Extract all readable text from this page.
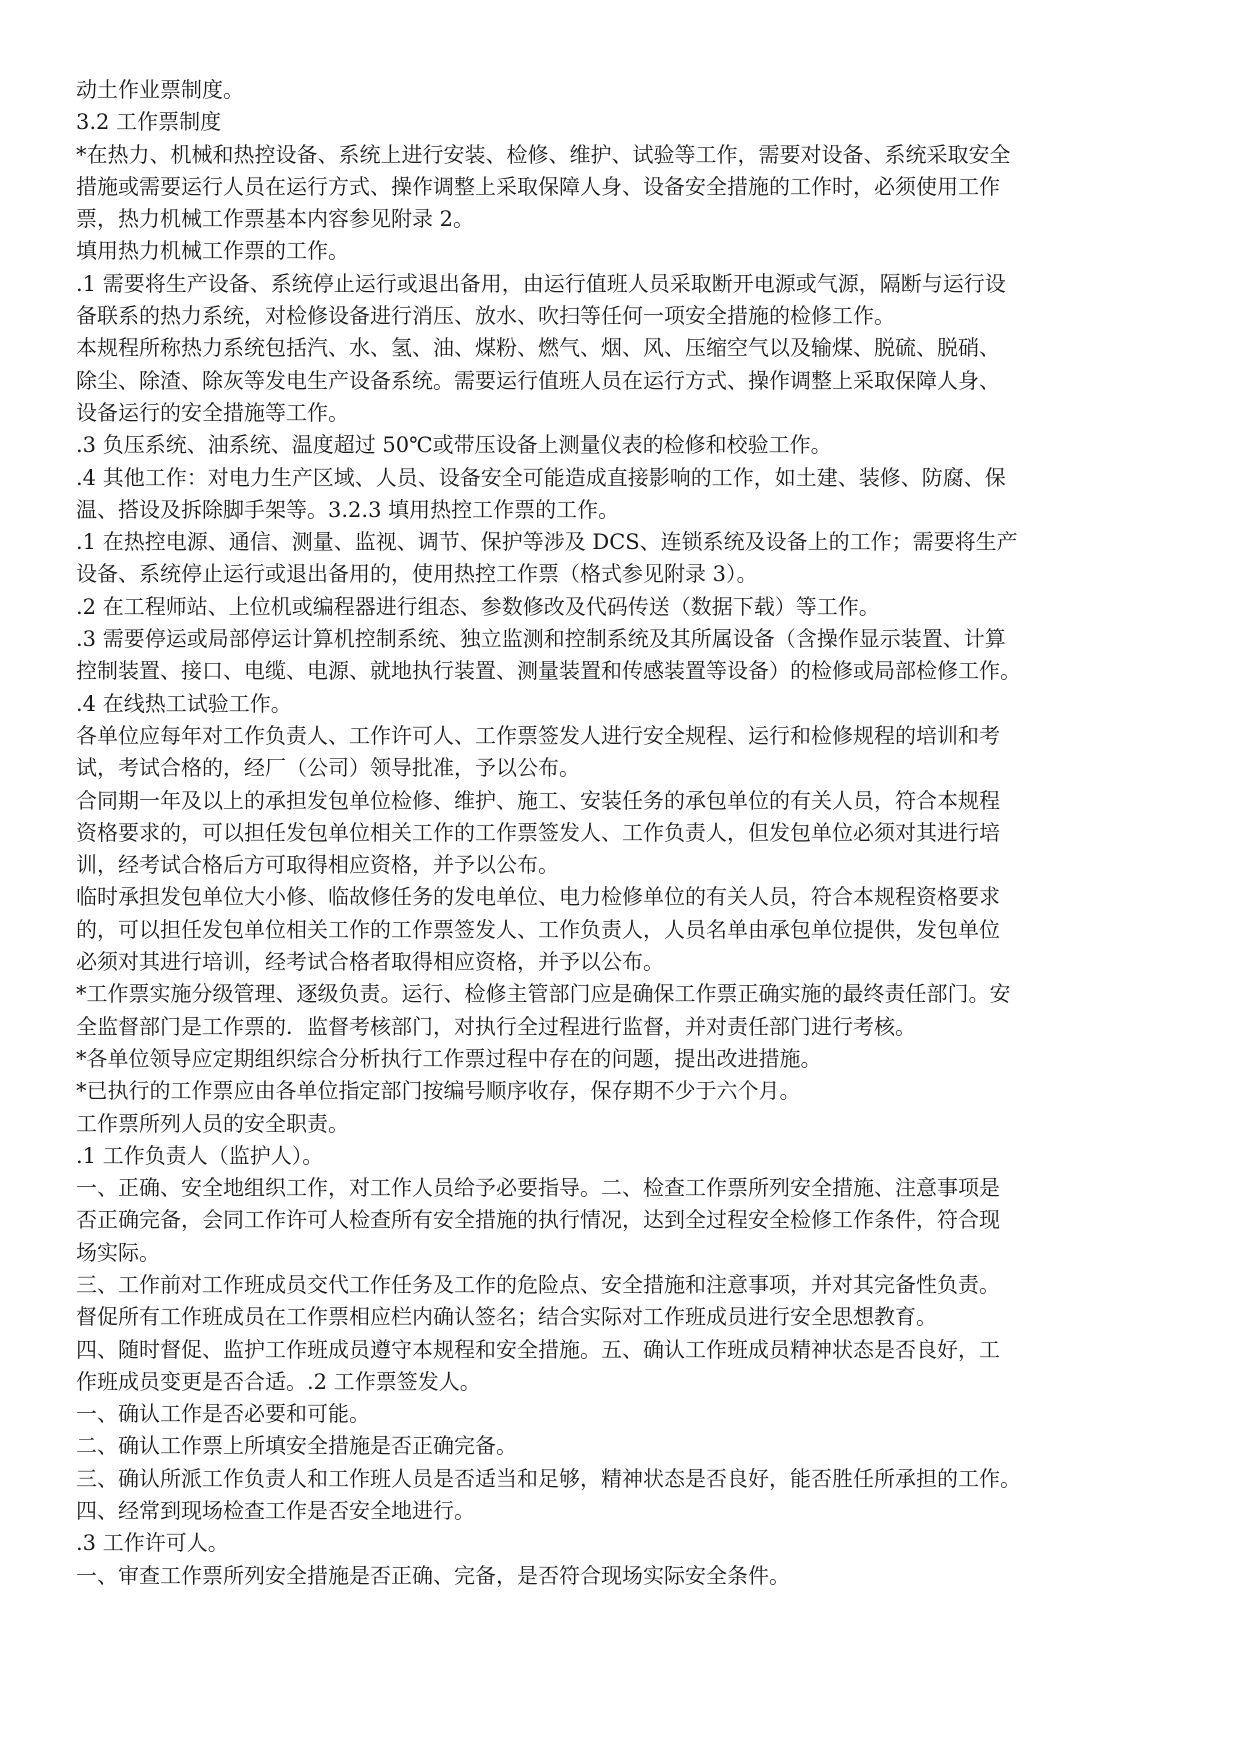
动土作业票制度。

3.2 工作票制度

*在热力、机械和热控设备、系统上进行安装、检修、维护、试验等工作，需要对设备、系统采取安全

措施或需要运行人员在运行方式、操作调整上采取保障人身、设备安全措施的工作时，必须使用工作

票，热力机械工作票基本内容参见附录 2。

填用热力机械工作票的工作。

.1 需要将生产设备、系统停止运行或退出备用，由运行值班人员采取断开电源或气源，隔断与运行设

备联系的热力系统，对检修设备进行消压、放水、吹扫等任何一项安全措施的检修工作。

本规程所称热力系统包括汽、水、氢、油、煤粉、燃气、烟、风、压缩空气以及输煤、脱硫、脱硝、

除尘、除渣、除灰等发电生产设备系统。需要运行值班人员在运行方式、操作调整上采取保障人身、

设备运行的安全措施等工作。

.3 负压系统、油系统、温度超过 50℃或带压设备上测量仪表的检修和校验工作。

.4 其他工作：对电力生产区域、人员、设备安全可能造成直接影响的工作，如土建、装修、防腐、保

温、搭设及拆除脚手架等。3.2.3 填用热控工作票的工作。

.1 在热控电源、通信、测量、监视、调节、保护等涉及 DCS、连锁系统及设备上的工作；需要将生产

设备、系统停止运行或退出备用的，使用热控工作票（格式参见附录 3）。

.2 在工程师站、上位机或编程器进行组态、参数修改及代码传送（数据下载）等工作。

.3 需要停运或局部停运计算机控制系统、独立监测和控制系统及其所属设备（含操作显示装置、计算

控制装置、接口、电缆、电源、就地执行装置、测量装置和传感装置等设备）的检修或局部检修工作。

.4 在线热工试验工作。

各单位应每年对工作负责人、工作许可人、工作票签发人进行安全规程、运行和检修规程的培训和考

试，考试合格的，经厂（公司）领导批准，予以公布。

合同期一年及以上的承担发包单位检修、维护、施工、安装任务的承包单位的有关人员，符合本规程

资格要求的，可以担任发包单位相关工作的工作票签发人、工作负责人，但发包单位必须对其进行培

训，经考试合格后方可取得相应资格，并予以公布。

临时承担发包单位大小修、临故修任务的发电单位、电力检修单位的有关人员，符合本规程资格要求

的，可以担任发包单位相关工作的工作票签发人、工作负责人，人员名单由承包单位提供，发包单位

必须对其进行培训，经考试合格者取得相应资格，并予以公布。

*工作票实施分级管理、逐级负责。运行、检修主管部门应是确保工作票正确实施的最终责任部门。安

全监督部门是工作票的．监督考核部门，对执行全过程进行监督，并对责任部门进行考核。

*各单位领导应定期组织综合分析执行工作票过程中存在的问题，提出改进措施。

*已执行的工作票应由各单位指定部门按编号顺序收存，保存期不少于六个月。

工作票所列人员的安全职责。

.1 工作负责人（监护人）。

一、正确、安全地组织工作，对工作人员给予必要指导。二、检查工作票所列安全措施、注意事项是

否正确完备，会同工作许可人检查所有安全措施的执行情况，达到全过程安全检修工作条件，符合现

场实际。

三、工作前对工作班成员交代工作任务及工作的危险点、安全措施和注意事项，并对其完备性负责。

督促所有工作班成员在工作票相应栏内确认签名；结合实际对工作班成员进行安全思想教育。

四、随时督促、监护工作班成员遵守本规程和安全措施。五、确认工作班成员精神状态是否良好，工

作班成员变更是否合适。.2 工作票签发人。

一、确认工作是否必要和可能。

二、确认工作票上所填安全措施是否正确完备。

三、确认所派工作负责人和工作班人员是否适当和足够，精神状态是否良好，能否胜任所承担的工作。

四、经常到现场检查工作是否安全地进行。

.3 工作许可人。

一、审查工作票所列安全措施是否正确、完备，是否符合现场实际安全条件。
